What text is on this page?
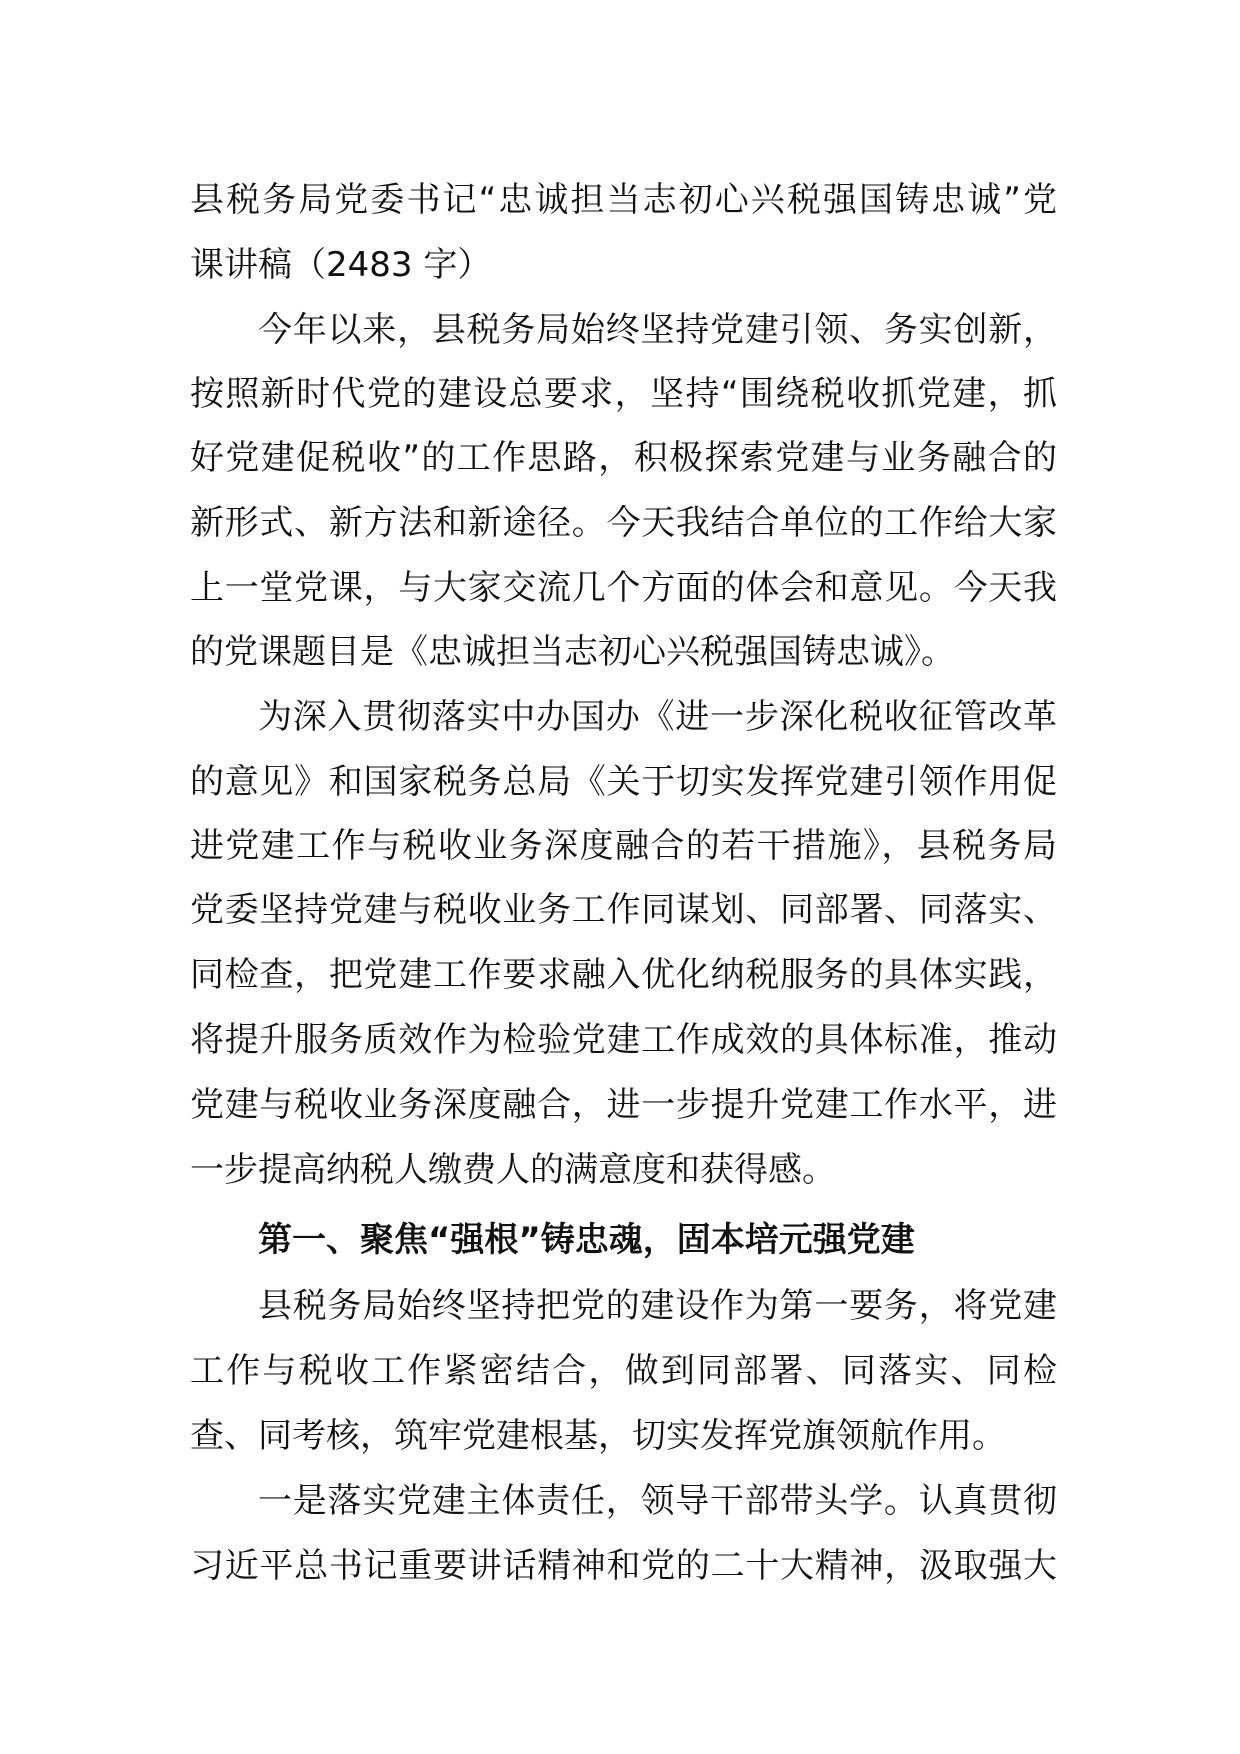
县税务局党委书记“忠诚担当志初心兴税强国铸忠诚”党
课讲稿（2483 字）
今年以来，县税务局始终坚持党建引领、务实创新，
按照新时代党的建设总要求，坚持“围绕税收抓党建，抓
好党建促税收”的工作思路，积极探索党建与业务融合的
新形式、新方法和新途径。今天我结合单位的工作给大家
上一堂党课，与大家交流几个方面的体会和意见。今天我
的党课题目是《忠诚担当志初心兴税强国铸忠诚》。
为深入贯彻落实中办国办《进一步深化税收征管改革
的意见》和国家税务总局《关于切实发挥党建引领作用促
进党建工作与税收业务深度融合的若干措施》，县税务局
党委坚持党建与税收业务工作同谋划、同部署、同落实、
同检查，把党建工作要求融入优化纳税服务的具体实践，
将提升服务质效作为检验党建工作成效的具体标准，推动
党建与税收业务深度融合，进一步提升党建工作水平，进
一步提高纳税人缴费人的满意度和获得感。
第一、聚焦“强根”铸忠魂，固本培元强党建
县税务局始终坚持把党的建设作为第一要务，将党建
工作与税收工作紧密结合，做到同部署、同落实、同检
查、同考核，筑牢党建根基，切实发挥党旗领航作用。
一是落实党建主体责任，领导干部带头学。认真贯彻
习近平总书记重要讲话精神和党的二十大精神，汲取强大
